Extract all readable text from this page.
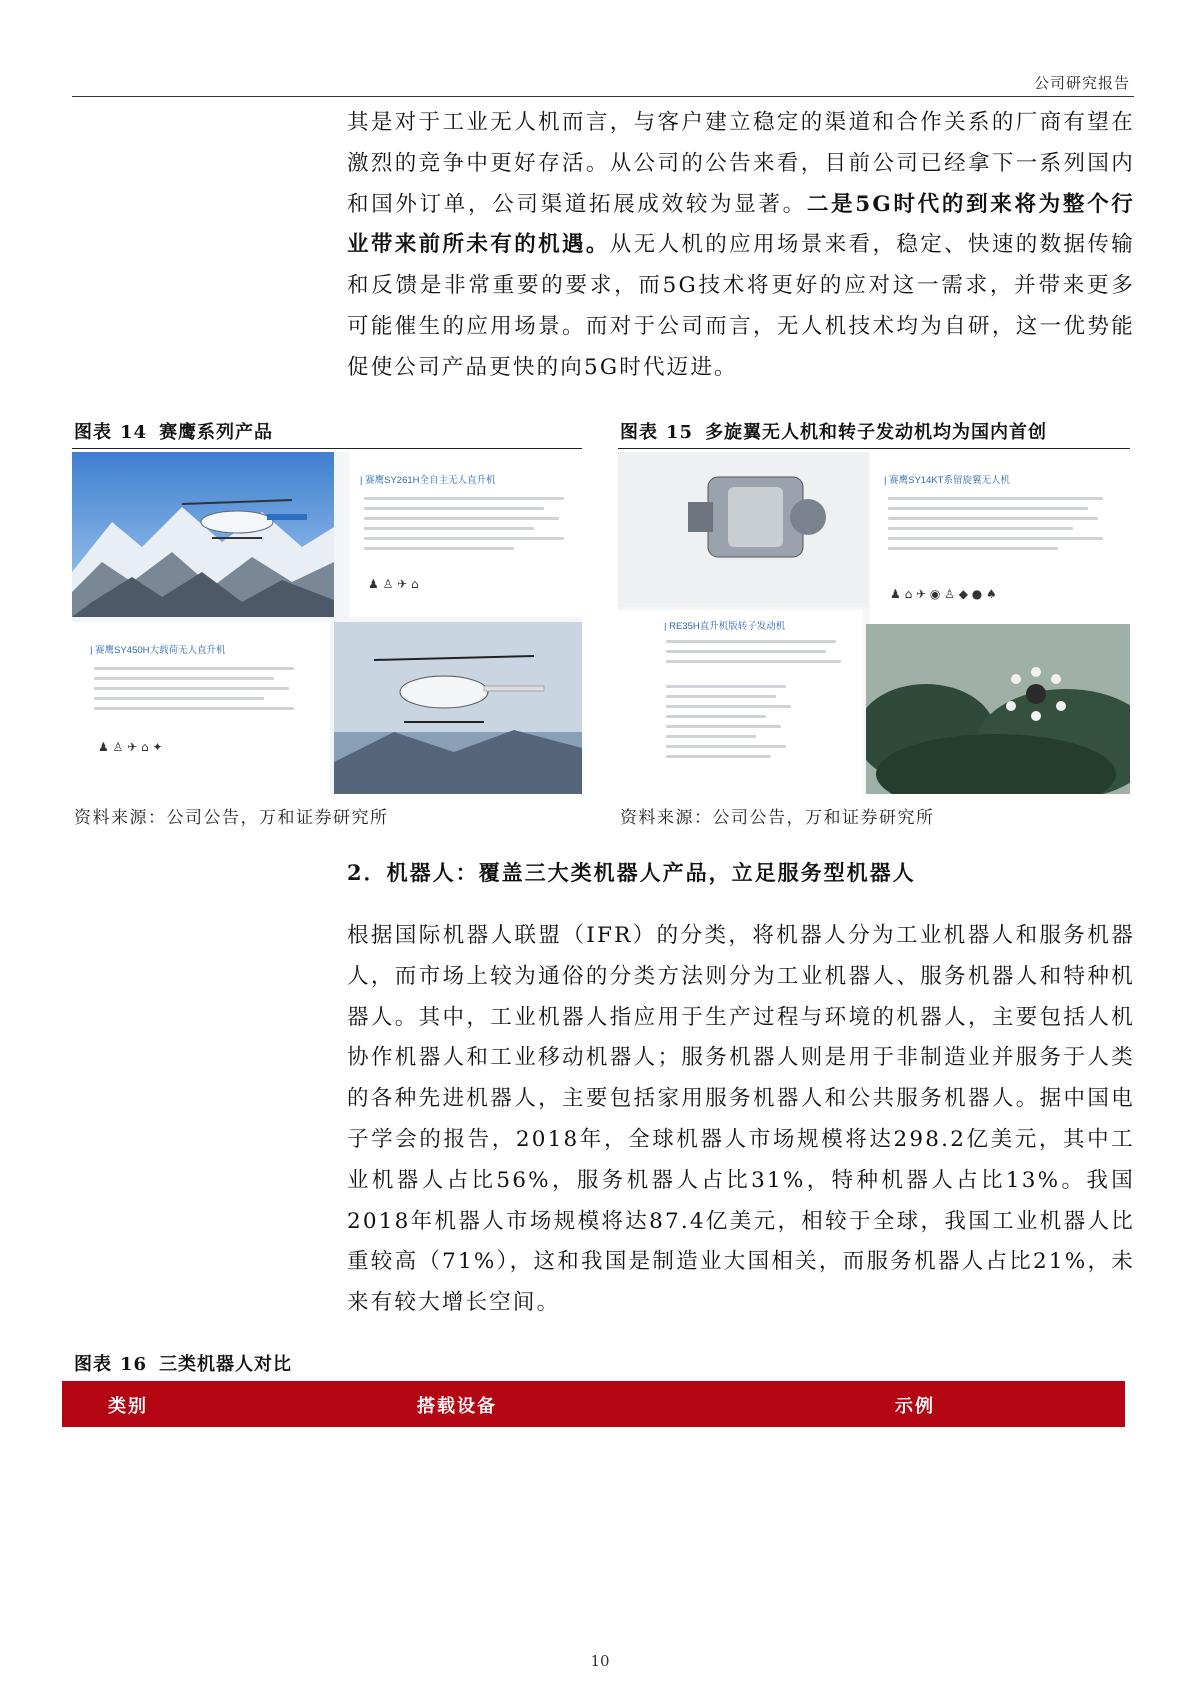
公司研究报告

其是对于工业无人机而言，与客户建立稳定的渠道和合作关系的厂商有望在激烈的竞争中更好存活。从公司的公告来看，目前公司已经拿下一系列国内和国外订单，公司渠道拓展成效较为显著。二是5G时代的到来将为整个行业带来前所未有的机遇。从无人机的应用场景来看，稳定、快速的数据传输和反馈是非常重要的要求，而5G技术将更好的应对这一需求，并带来更多可能催生的应用场景。而对于公司而言，无人机技术均为自研，这一优势能促使公司产品更快的向5G时代迈进。

图表 14 赛鹰系列产品
| 赛鹰SY261H全自主无人直升机
♟ ♙ ✈ ⌂
| 赛鹰SY450H大载荷无人直升机
♟ ♙ ✈ ⌂ ✦
资料来源：公司公告，万和证券研究所
图表 15 多旋翼无人机和转子发动机均为国内首创
| 赛鹰SY14KT系留旋翼无人机
♟ ⌂ ✈ ◉ ♙ ◆ ● ♠
| RE35H直升机版转子发动机
资料来源：公司公告，万和证券研究所
2．机器人：覆盖三大类机器人产品，立足服务型机器人

根据国际机器人联盟（IFR）的分类，将机器人分为工业机器人和服务机器人，而市场上较为通俗的分类方法则分为工业机器人、服务机器人和特种机器人。其中，工业机器人指应用于生产过程与环境的机器人，主要包括人机协作机器人和工业移动机器人；服务机器人则是用于非制造业并服务于人类的各种先进机器人，主要包括家用服务机器人和公共服务机器人。据中国电子学会的报告，2018年，全球机器人市场规模将达298.2亿美元，其中工业机器人占比56%，服务机器人占比31%，特种机器人占比13%。我国2018年机器人市场规模将达87.4亿美元，相较于全球，我国工业机器人比重较高（71%），这和我国是制造业大国相关，而服务机器人占比21%，未来有较大增长空间。

图表 16 三类机器人对比
类别	搭载设备	示例
10
